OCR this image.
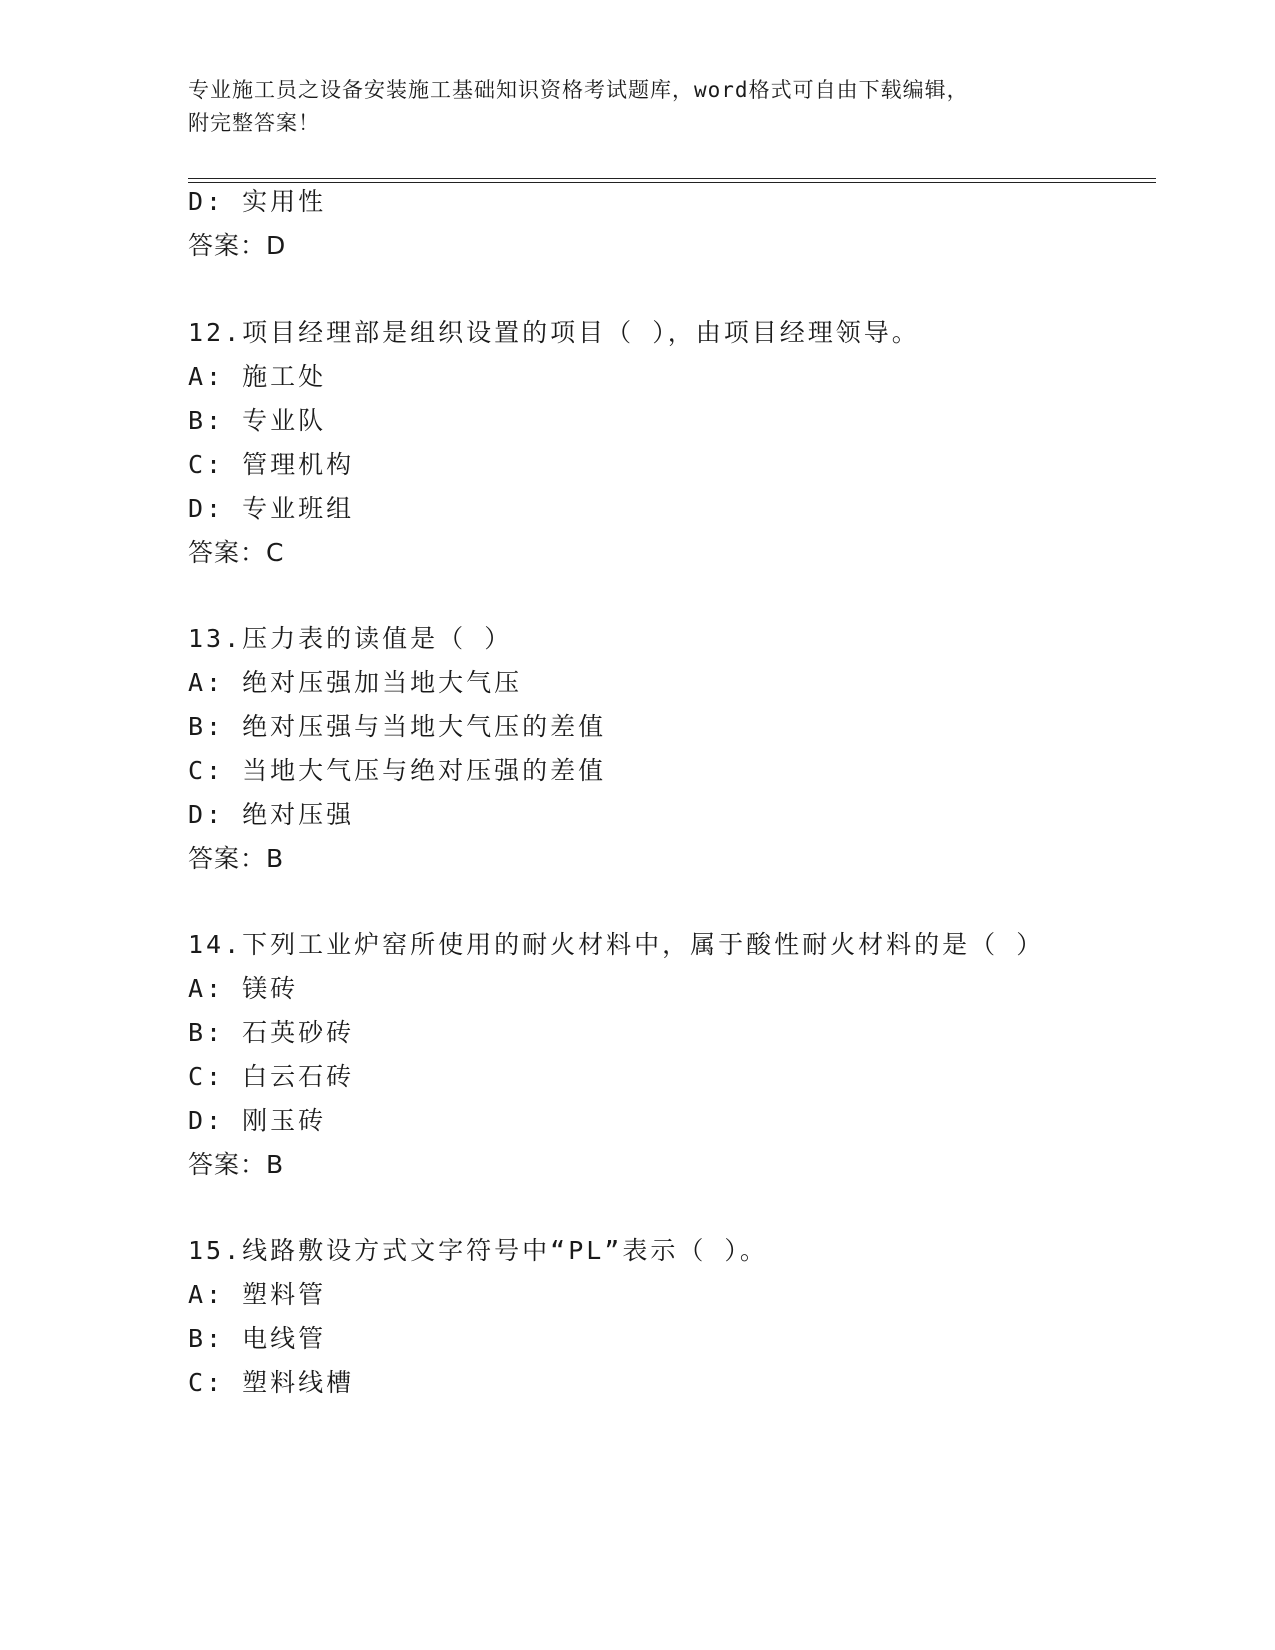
专业施工员之设备安装施工基础知识资格考试题库，word格式可自由下载编辑，
附完整答案！
D: 实用性
答案：D
12.项目经理部是组织设置的项目（ ），由项目经理领导。
A: 施工处
B: 专业队
C: 管理机构
D: 专业班组
答案：C
13.压力表的读值是（ ）
A: 绝对压强加当地大气压
B: 绝对压强与当地大气压的差值
C: 当地大气压与绝对压强的差值
D: 绝对压强
答案：B
14.下列工业炉窑所使用的耐火材料中，属于酸性耐火材料的是（ ）
A: 镁砖
B: 石英砂砖
C: 白云石砖
D: 刚玉砖
答案：B
15.线路敷设方式文字符号中“PL”表示（ ）。
A: 塑料管
B: 电线管
C: 塑料线槽
